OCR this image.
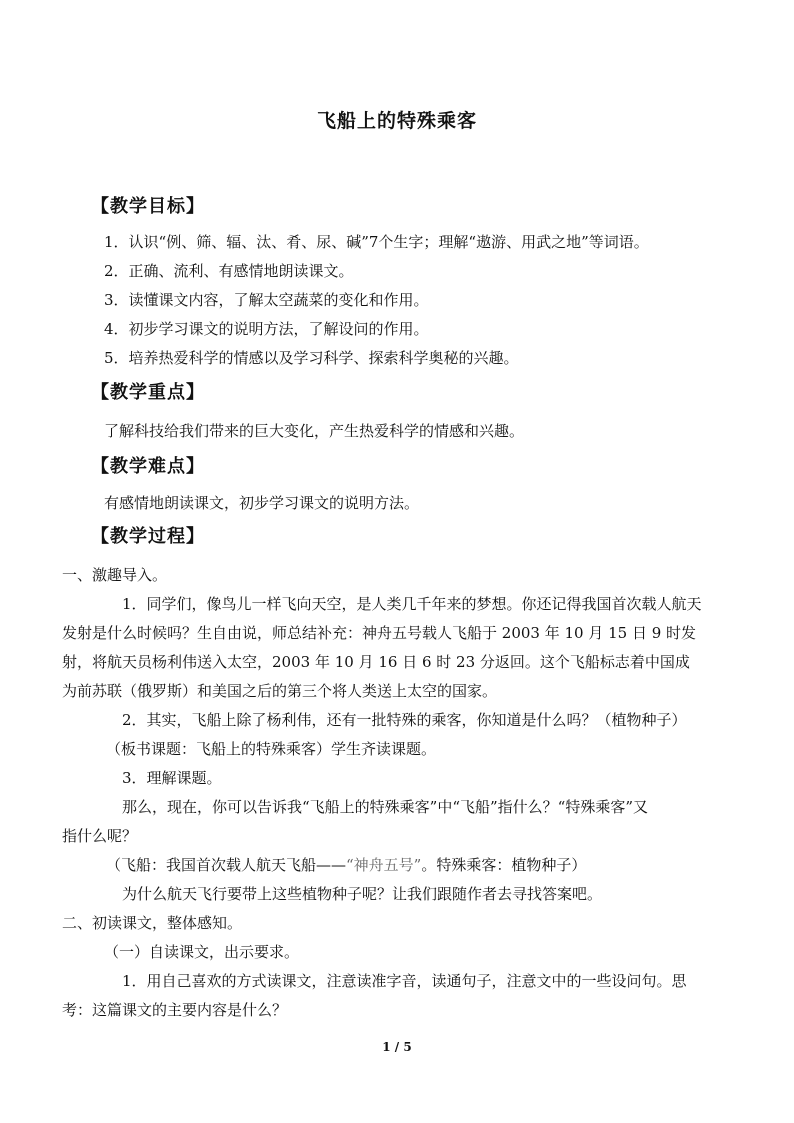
飞船上的特殊乘客
【教学目标】
1．认识“例、筛、辐、汰、肴、尿、碱”7个生字；理解“遨游、用武之地”等词语。
2．正确、流利、有感情地朗读课文。
3．读懂课文内容，了解太空蔬菜的变化和作用。
4．初步学习课文的说明方法，了解设问的作用。
5．培养热爱科学的情感以及学习科学、探索科学奥秘的兴趣。
【教学重点】
了解科技给我们带来的巨大变化，产生热爱科学的情感和兴趣。
【教学难点】
有感情地朗读课文，初步学习课文的说明方法。
【教学过程】
一、激趣导入。
1．同学们，像鸟儿一样飞向天空，是人类几千年来的梦想。你还记得我国首次载人航天
发射是什么时候吗？生自由说，师总结补充：神舟五号载人飞船于 2003 年 10 月 15 日 9 时发
射，将航天员杨利伟送入太空，2003 年 10 月 16 日 6 时 23 分返回。这个飞船标志着中国成
为前苏联（俄罗斯）和美国之后的第三个将人类送上太空的国家。
2．其实，飞船上除了杨利伟，还有一批特殊的乘客，你知道是什么吗？（植物种子）
（板书课题：飞船上的特殊乘客）学生齐读课题。
3．理解课题。
那么，现在，你可以告诉我“飞船上的特殊乘客”中“飞船”指什么？“特殊乘客”又
指什么呢？
（飞船：我国首次载人航天飞船——“神舟五号”。特殊乘客：植物种子）
为什么航天飞行要带上这些植物种子呢？让我们跟随作者去寻找答案吧。
二、初读课文，整体感知。
（一）自读课文，出示要求。
1．用自己喜欢的方式读课文，注意读准字音，读通句子，注意文中的一些设问句。思
考：这篇课文的主要内容是什么？
1 / 5
